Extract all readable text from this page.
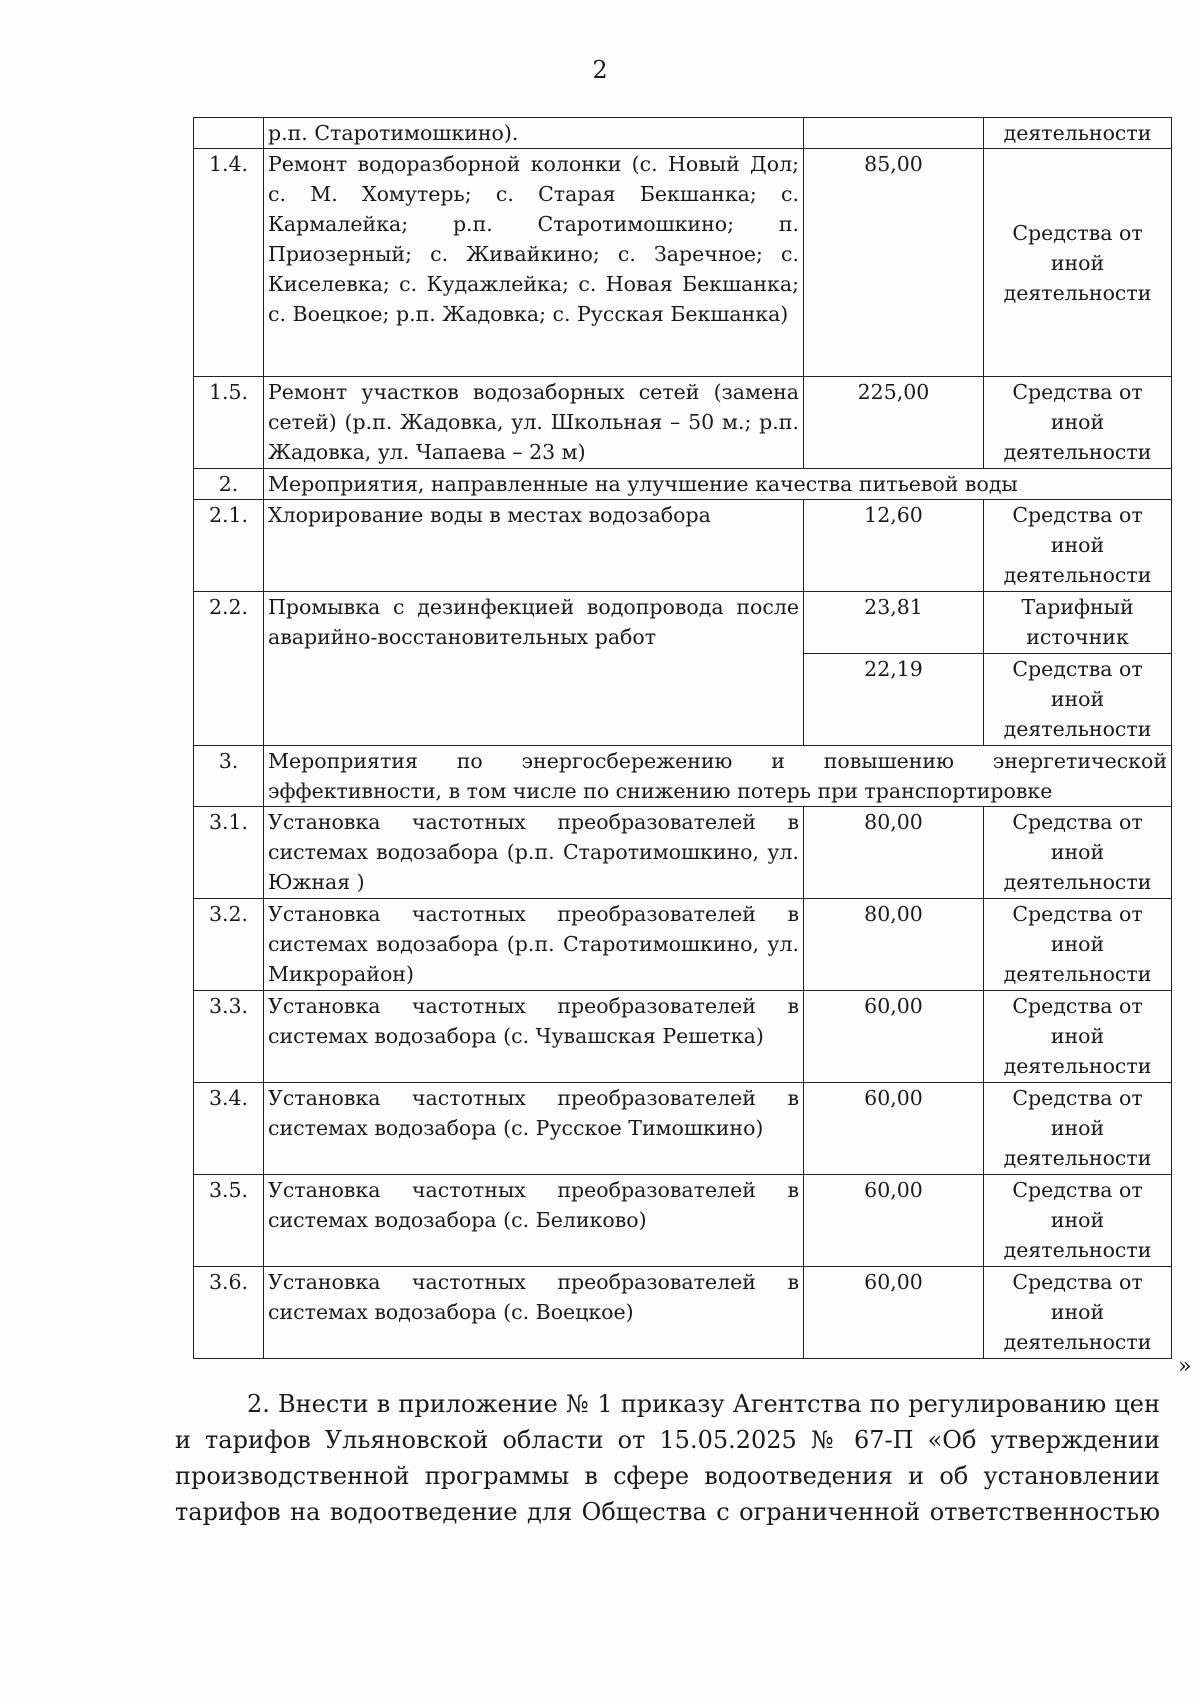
2
	р.п. Старотимошкино).		деятельности
1.4.	Ремонт водоразборной колонки (с. Новый Дол; с. М. Хомутерь; с. Старая Бекшанка; с. Кармалейка; р.п. Старотимошкино; п. Приозерный; с. Живайкино; с. Заречное; с. Киселевка; с. Кудажлейка; с. Новая Бекшанка; с. Воецкое; р.п. Жадовка; с. Русская Бекшанка)	85,00	Средства от иной деятельности
1.5.	Ремонт участков водозаборных сетей (замена сетей) (р.п. Жадовка, ул. Школьная – 50 м.; р.п. Жадовка, ул. Чапаева – 23 м)	225,00	Средства от иной деятельности
2.	Мероприятия, направленные на улучшение качества питьевой воды		
2.1.	Хлорирование воды в местах водозабора	12,60	Средства от иной деятельности
2.2.	Промывка с дезинфекцией водопровода после аварийно-восстановительных работ	23,81	Тарифный источник
		22,19	Средства от иной деятельности
3.	Мероприятия по энергосбережению и повышению энергетической эффективности, в том числе по снижению потерь при транспортировке		
3.1.	Установка частотных преобразователей в системах водозабора (р.п. Старотимошкино, ул. Южная )	80,00	Средства от иной деятельности
3.2.	Установка частотных преобразователей в системах водозабора (р.п. Старотимошкино, ул. Микрорайон)	80,00	Средства от иной деятельности
3.3.	Установка частотных преобразователей в системах водозабора (с. Чувашская Решетка)	60,00	Средства от иной деятельности
3.4.	Установка частотных преобразователей в системах водозабора (с. Русское Тимошкино)	60,00	Средства от иной деятельности
3.5.	Установка частотных преобразователей в системах водозабора (с. Беликово)	60,00	Средства от иной деятельности
3.6.	Установка частотных преобразователей в системах водозабора (с. Воецкое)	60,00	Средства от иной деятельности
»
2. Внести в приложение № 1 приказу Агентства по регулированию цен и тарифов Ульяновской области от 15.05.2025 № 67-П «Об утверждении производственной программы в сфере водоотведения и об установлении тарифов на водоотведение для Общества с ограниченной ответственностью
